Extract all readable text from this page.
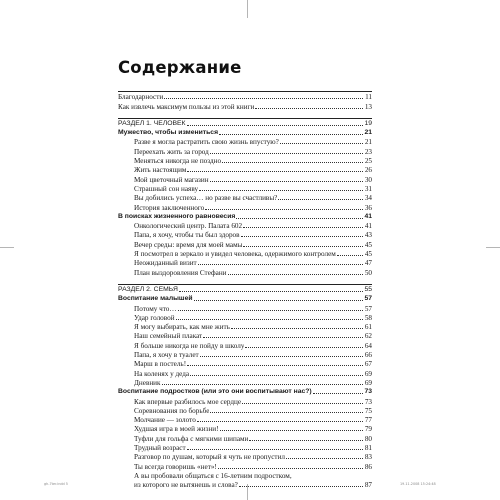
Содержание
Благодарности	11
Как извлечь максимум пользы из этой книги	13
РАЗДЕЛ 1. ЧЕЛОВЕК	19
Мужество, чтобы измениться	21
Разве я могла растратить свою жизнь впустую?	21
Переехать жить за город	23
Меняться никогда не поздно	25
Жить настоящим	26
Мой цветочный магазин	30
Страшный сон наяву	31
Вы добились успеха… но разве вы счастливы?	34
История заключенного	36
В поисках жизненного равновесия	41
Онкологический центр. Палата 602	41
Папа, я хочу, чтобы ты был здоров	43
Вечер среды: время для моей мамы	45
Я посмотрел в зеркало и увидел человека, одержимого контролем	45
Неожиданный визит	47
План выздоровления Стефани	50
РАЗДЕЛ 2. СЕМЬЯ	55
Воспитание малышей	57
Потому что…	57
Удар головой	58
Я могу выбирать, как мне жить	61
Наш семейный плакат	62
Я больше никогда не пойду в школу	64
Папа, я хочу в туалет	66
Марш в постель!	67
На коленях у деда	69
Дневник	69
Воспитание подростков (или это они воспитывают нас?)	73
Как впервые разбилось мое сердце	73
Соревнования по борьбе	75
Молчание — золото	77
Худшая игра в моей жизни!	79
Туфли для гольфа с мягкими шипами	80
Трудный возраст	81
Разговор по душам, который я чуть не пропустил	83
Ты всегда говоришь «нет»!	86
А вы пробовали общаться с 16-летним подростком,
из которого не вытянешь и слова?	87
gh-7ter.indd 5	19.11.2008 15:24:48
